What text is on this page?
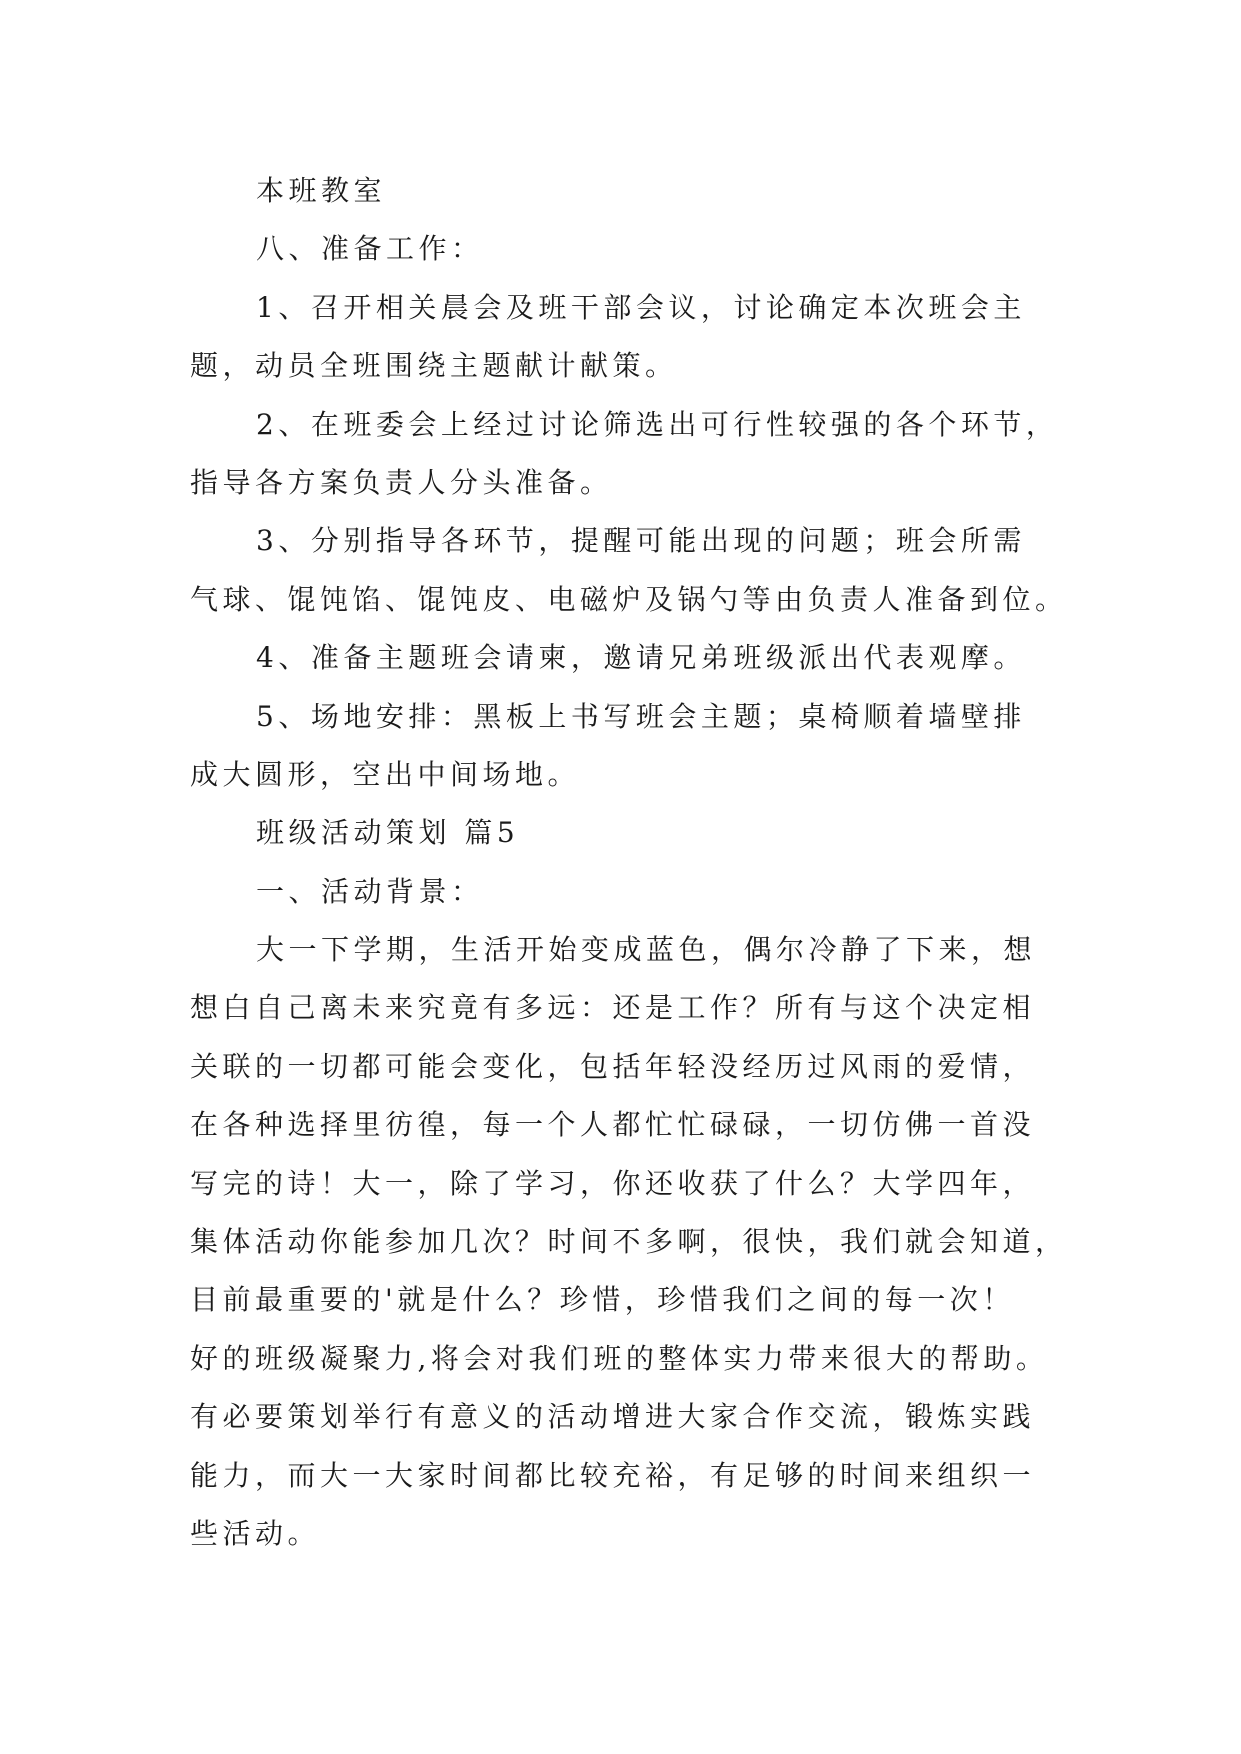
本班教室
八、准备工作：
1、召开相关晨会及班干部会议，讨论确定本次班会主
题，动员全班围绕主题献计献策。
2、在班委会上经过讨论筛选出可行性较强的各个环节，
指导各方案负责人分头准备。
3、分别指导各环节，提醒可能出现的问题；班会所需
气球、馄饨馅、馄饨皮、电磁炉及锅勺等由负责人准备到位。
4、准备主题班会请柬，邀请兄弟班级派出代表观摩。
5、场地安排：黑板上书写班会主题；桌椅顺着墙壁排
成大圆形，空出中间场地。
班级活动策划 篇5
一、活动背景：
大一下学期，生活开始变成蓝色，偶尔冷静了下来，想
想白自己离未来究竟有多远：还是工作？所有与这个决定相
关联的一切都可能会变化，包括年轻没经历过风雨的爱情，
在各种选择里彷徨，每一个人都忙忙碌碌，一切仿佛一首没
写完的诗！大一，除了学习，你还收获了什么？大学四年，
集体活动你能参加几次？时间不多啊，很快，我们就会知道，
目前最重要的'就是什么？珍惜，珍惜我们之间的每一次！
好的班级凝聚力,将会对我们班的整体实力带来很大的帮助。
有必要策划举行有意义的活动增进大家合作交流，锻炼实践
能力，而大一大家时间都比较充裕，有足够的时间来组织一
些活动。
